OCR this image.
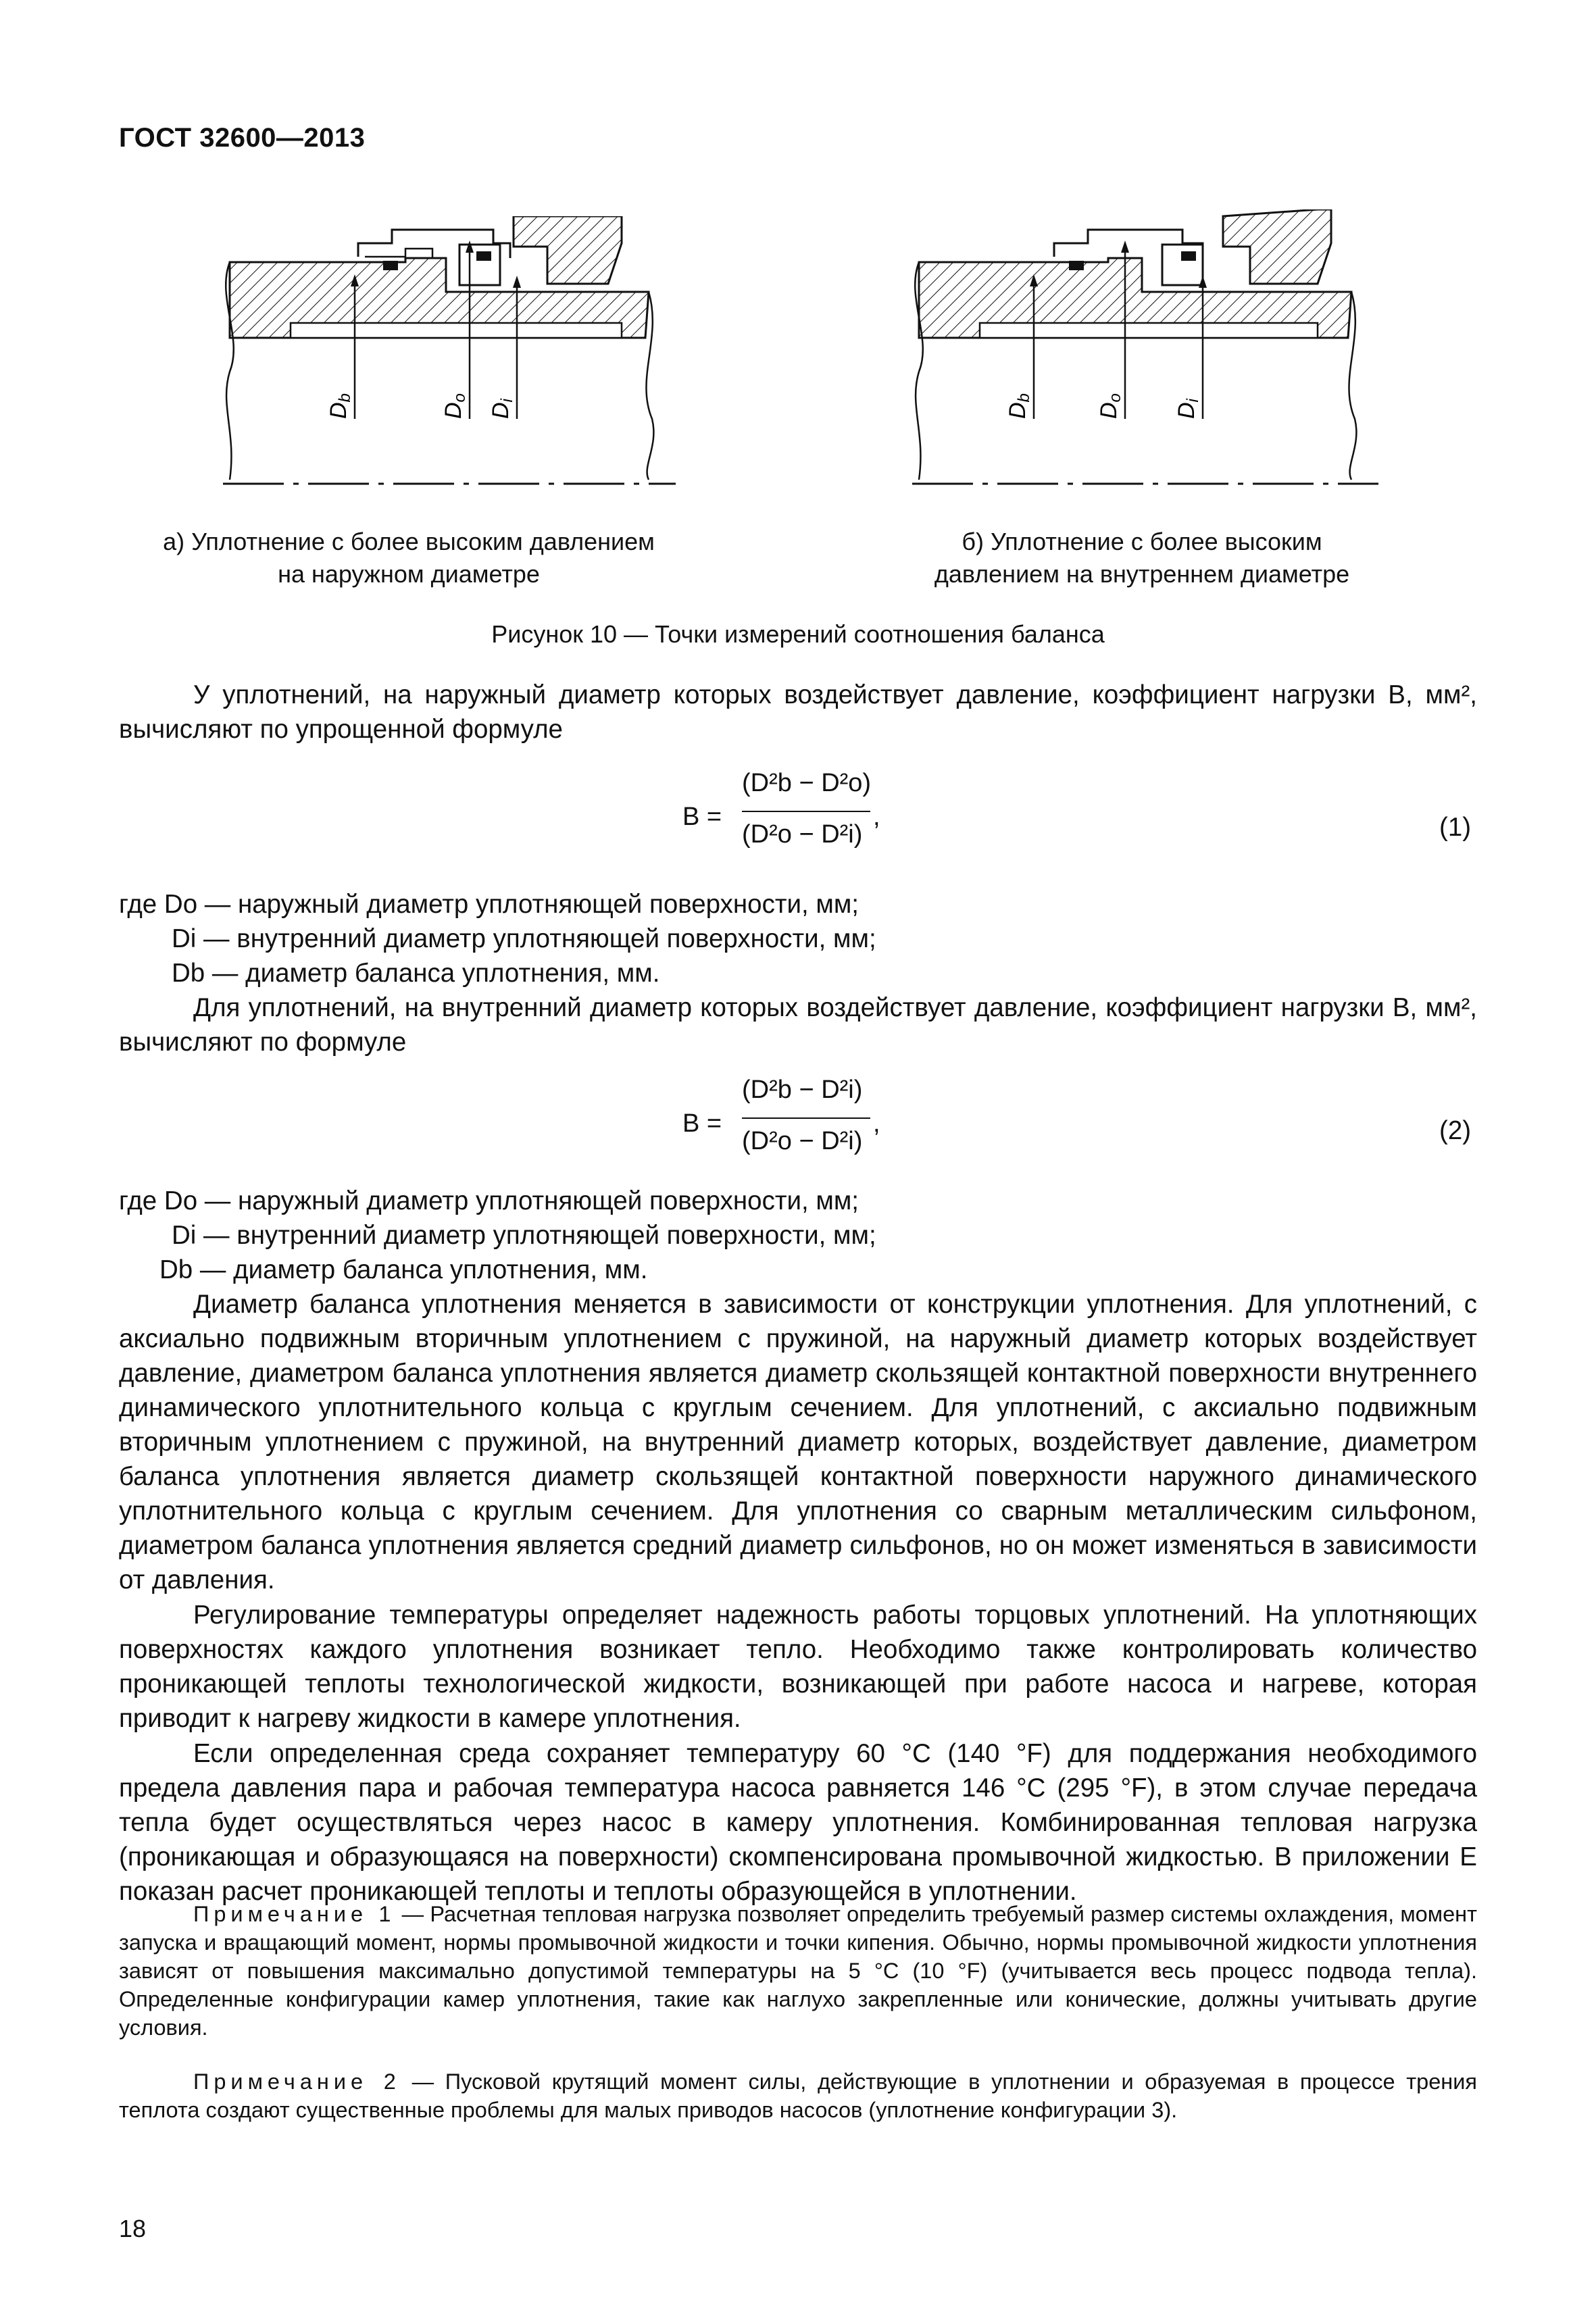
ГОСТ 32600—2013
Db
Do
Di
Db
Do
Di
а) Уплотнение с более высоким давлением
на наружном диаметре
б) Уплотнение с более высоким
давлением на внутреннем диаметре
Рисунок 10 — Точки измерений соотношения баланса
У уплотнений, на наружный диаметр которых воздействует давление, коэффициент нагрузки B, мм², вычисляют по упрощенной формуле
B =
(D²b − D²o)
(D²o − D²i)
,	(1)
где Do — наружный диаметр уплотняющей поверхности, мм;
Di — внутренний диаметр уплотняющей поверхности, мм;
Db — диаметр баланса уплотнения, мм.
Для уплотнений, на внутренний диаметр которых воздействует давление, коэффициент нагрузки B, мм², вычисляют по формуле
B =
(D²b − D²i)
(D²o − D²i)
,	(2)
где Do — наружный диаметр уплотняющей поверхности, мм;
Di — внутренний диаметр уплотняющей поверхности, мм;
Db — диаметр баланса уплотнения, мм.
Диаметр баланса уплотнения меняется в зависимости от конструкции уплотнения. Для уплотнений, с аксиально подвижным вторичным уплотнением с пружиной, на наружный диаметр которых воздействует давление, диаметром баланса уплотнения является диаметр скользящей контактной поверхности внутреннего динамического уплотнительного кольца с круглым сечением. Для уплотнений, с аксиально подвижным вторичным уплотнением с пружиной, на внутренний диаметр которых, воздействует давление, диаметром баланса уплотнения является диаметр скользящей контактной поверхности наружного динамического уплотнительного кольца с круглым сечением. Для уплотнения со сварным металлическим сильфоном, диаметром баланса уплотнения является средний диаметр сильфонов, но он может изменяться в зависимости от давления.
Регулирование температуры определяет надежность работы торцовых уплотнений. На уплотняющих поверхностях каждого уплотнения возникает тепло. Необходимо также контролировать количество проникающей теплоты технологической жидкости, возникающей при работе насоса и нагреве, которая приводит к нагреву жидкости в камере уплотнения.
Если определенная среда сохраняет температуру 60 °С (140 °F) для поддержания необходимого предела давления пара и рабочая температура насоса равняется 146 °С (295 °F), в этом случае передача тепла будет осуществляться через насос в камеру уплотнения. Комбинированная тепловая нагрузка (проникающая и образующаяся на поверхности) скомпенсирована промывочной жидкостью. В приложении Е показан расчет проникающей теплоты и теплоты образующейся в уплотнении.
Примечание 1 — Расчетная тепловая нагрузка позволяет определить требуемый размер системы охлаждения, момент запуска и вращающий момент, нормы промывочной жидкости и точки кипения. Обычно, нормы промывочной жидкости уплотнения зависят от повышения максимально допустимой температуры на 5 °С (10 °F) (учитывается весь процесс подвода тепла). Определенные конфигурации камер уплотнения, такие как наглухо закрепленные или конические, должны учитывать другие условия.
Примечание 2 — Пусковой крутящий момент силы, действующие в уплотнении и образуемая в процессе трения теплота создают существенные проблемы для малых приводов насосов (уплотнение конфигурации 3).
18
